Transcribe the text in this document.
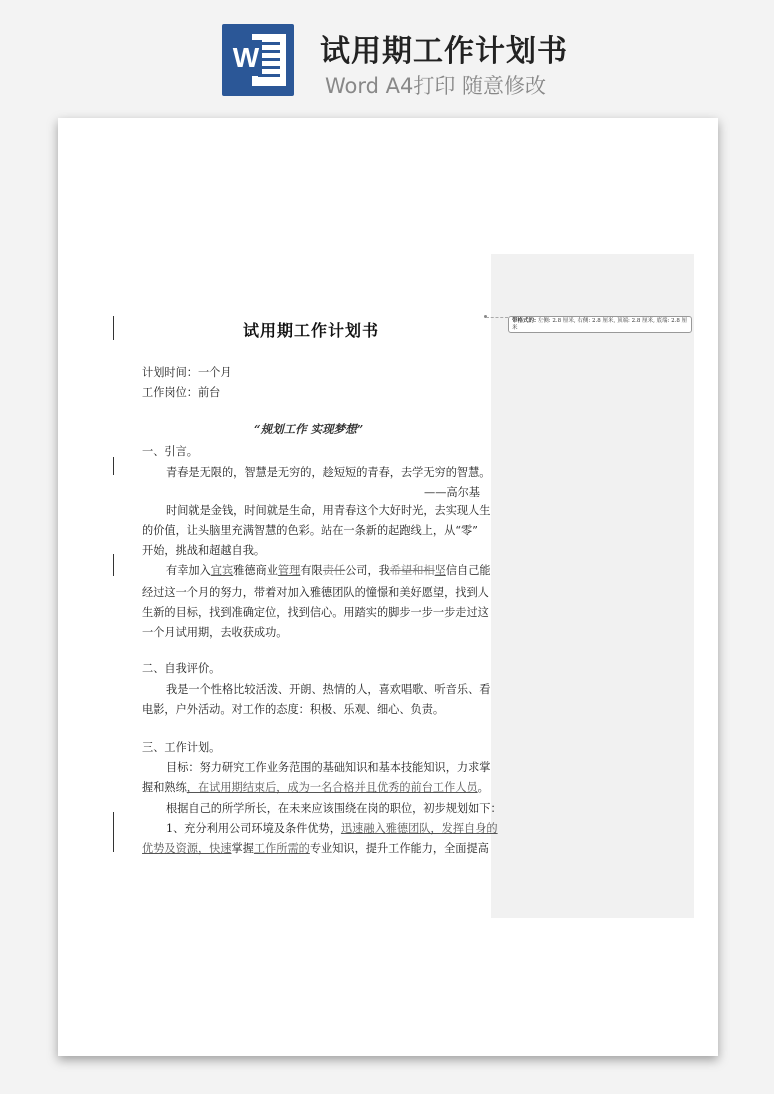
W 试用期工作计划书
Word A4打印 随意修改
带格式的: 左侧: 2.8 厘米, 右侧: 2.8 厘米, 顶端: 2.8 厘米, 底端: 2.8 厘米
试用期工作计划书
计划时间：一个月
工作岗位：前台
“规划工作 实现梦想”
一、引言。
青春是无限的，智慧是无穷的，趁短短的青春，去学无穷的智慧。
——高尔基
时间就是金钱，时间就是生命，用青春这个大好时光，去实现人生
的价值，让头脑里充满智慧的色彩。站在一条新的起跑线上，从“零”
开始，挑战和超越自我。
有幸加入宜宾雅德商业管理有限责任公司，我希望和相坚信自己能
经过这一个月的努力，带着对加入雅德团队的憧憬和美好愿望，找到人
生新的目标，找到准确定位，找到信心。用踏实的脚步一步一步走过这
一个月试用期，去收获成功。
二、自我评价。
我是一个性格比较活泼、开朗、热情的人，喜欢唱歌、听音乐、看
电影，户外活动。对工作的态度：积极、乐观、细心、负责。
三、工作计划。
目标：努力研究工作业务范围的基础知识和基本技能知识，力求掌
握和熟练，在试用期结束后，成为一名合格并且优秀的前台工作人员。
根据自己的所学所长，在未来应该围绕在岗的职位，初步规划如下：
1、充分利用公司环境及条件优势，迅速融入雅德团队，发挥自身的
优势及资源，快速掌握工作所需的专业知识，提升工作能力，全面提高
